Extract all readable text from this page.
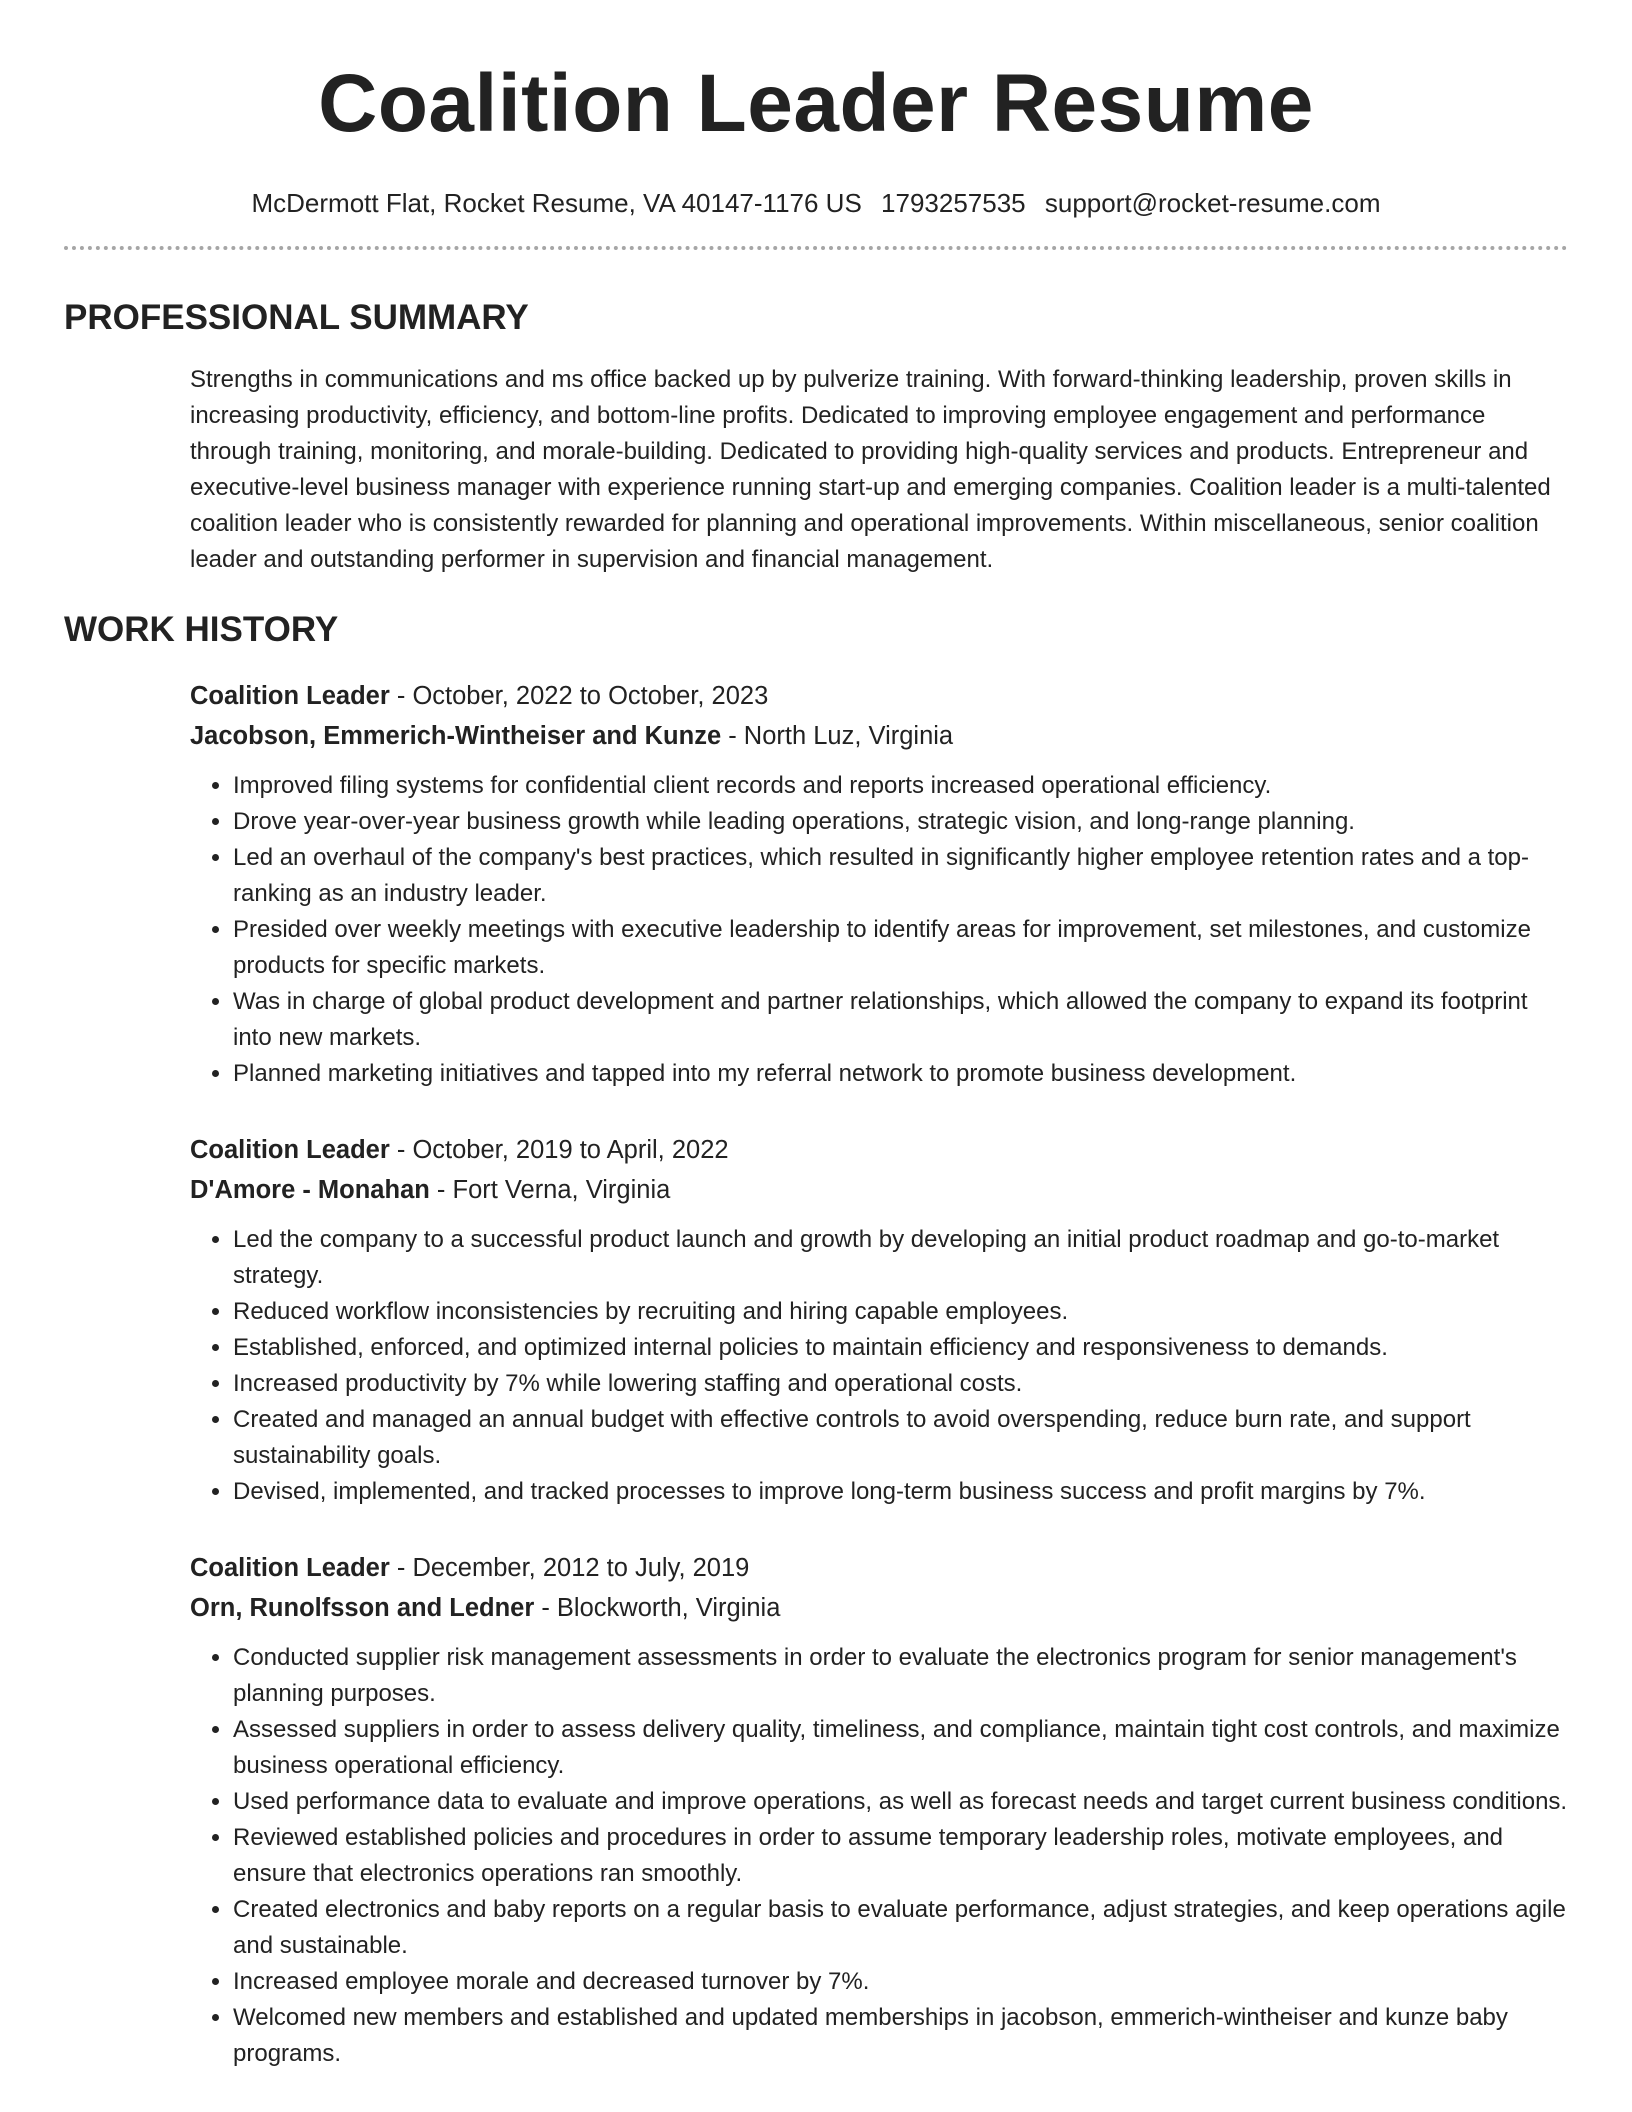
Coalition Leader Resume
McDermott Flat, Rocket Resume, VA 40147-1176 US 1793257535 support@rocket-resume.com
PROFESSIONAL SUMMARY

Strengths in communications and ms office backed up by pulverize training. With forward-thinking leadership, proven skills in increasing productivity, efficiency, and bottom-line profits. Dedicated to improving employee engagement and performance through training, monitoring, and morale-building. Dedicated to providing high-quality services and products. Entrepreneur and executive-level business manager with experience running start-up and emerging companies. Coalition leader is a multi-talented coalition leader who is consistently rewarded for planning and operational improvements. Within miscellaneous, senior coalition leader and outstanding performer in supervision and financial management.

WORK HISTORY
Coalition Leader - October, 2022 to October, 2023
Jacobson, Emmerich-Wintheiser and Kunze - North Luz, Virginia
• Improved filing systems for confidential client records and reports increased operational efficiency.
• Drove year-over-year business growth while leading operations, strategic vision, and long-range planning.
• Led an overhaul of the company's best practices, which resulted in significantly higher employee retention rates and a top-ranking as an industry leader.
• Presided over weekly meetings with executive leadership to identify areas for improvement, set milestones, and customize products for specific markets.
• Was in charge of global product development and partner relationships, which allowed the company to expand its footprint into new markets.
• Planned marketing initiatives and tapped into my referral network to promote business development.
Coalition Leader - October, 2019 to April, 2022
D'Amore - Monahan - Fort Verna, Virginia
• Led the company to a successful product launch and growth by developing an initial product roadmap and go-to-market strategy.
• Reduced workflow inconsistencies by recruiting and hiring capable employees.
• Established, enforced, and optimized internal policies to maintain efficiency and responsiveness to demands.
• Increased productivity by 7% while lowering staffing and operational costs.
• Created and managed an annual budget with effective controls to avoid overspending, reduce burn rate, and support sustainability goals.
• Devised, implemented, and tracked processes to improve long-term business success and profit margins by 7%.
Coalition Leader - December, 2012 to July, 2019
Orn, Runolfsson and Ledner - Blockworth, Virginia
• Conducted supplier risk management assessments in order to evaluate the electronics program for senior management's planning purposes.
• Assessed suppliers in order to assess delivery quality, timeliness, and compliance, maintain tight cost controls, and maximize business operational efficiency.
• Used performance data to evaluate and improve operations, as well as forecast needs and target current business conditions.
• Reviewed established policies and procedures in order to assume temporary leadership roles, motivate employees, and ensure that electronics operations ran smoothly.
• Created electronics and baby reports on a regular basis to evaluate performance, adjust strategies, and keep operations agile and sustainable.
• Increased employee morale and decreased turnover by 7%.
• Welcomed new members and established and updated memberships in jacobson, emmerich-wintheiser and kunze baby programs.
